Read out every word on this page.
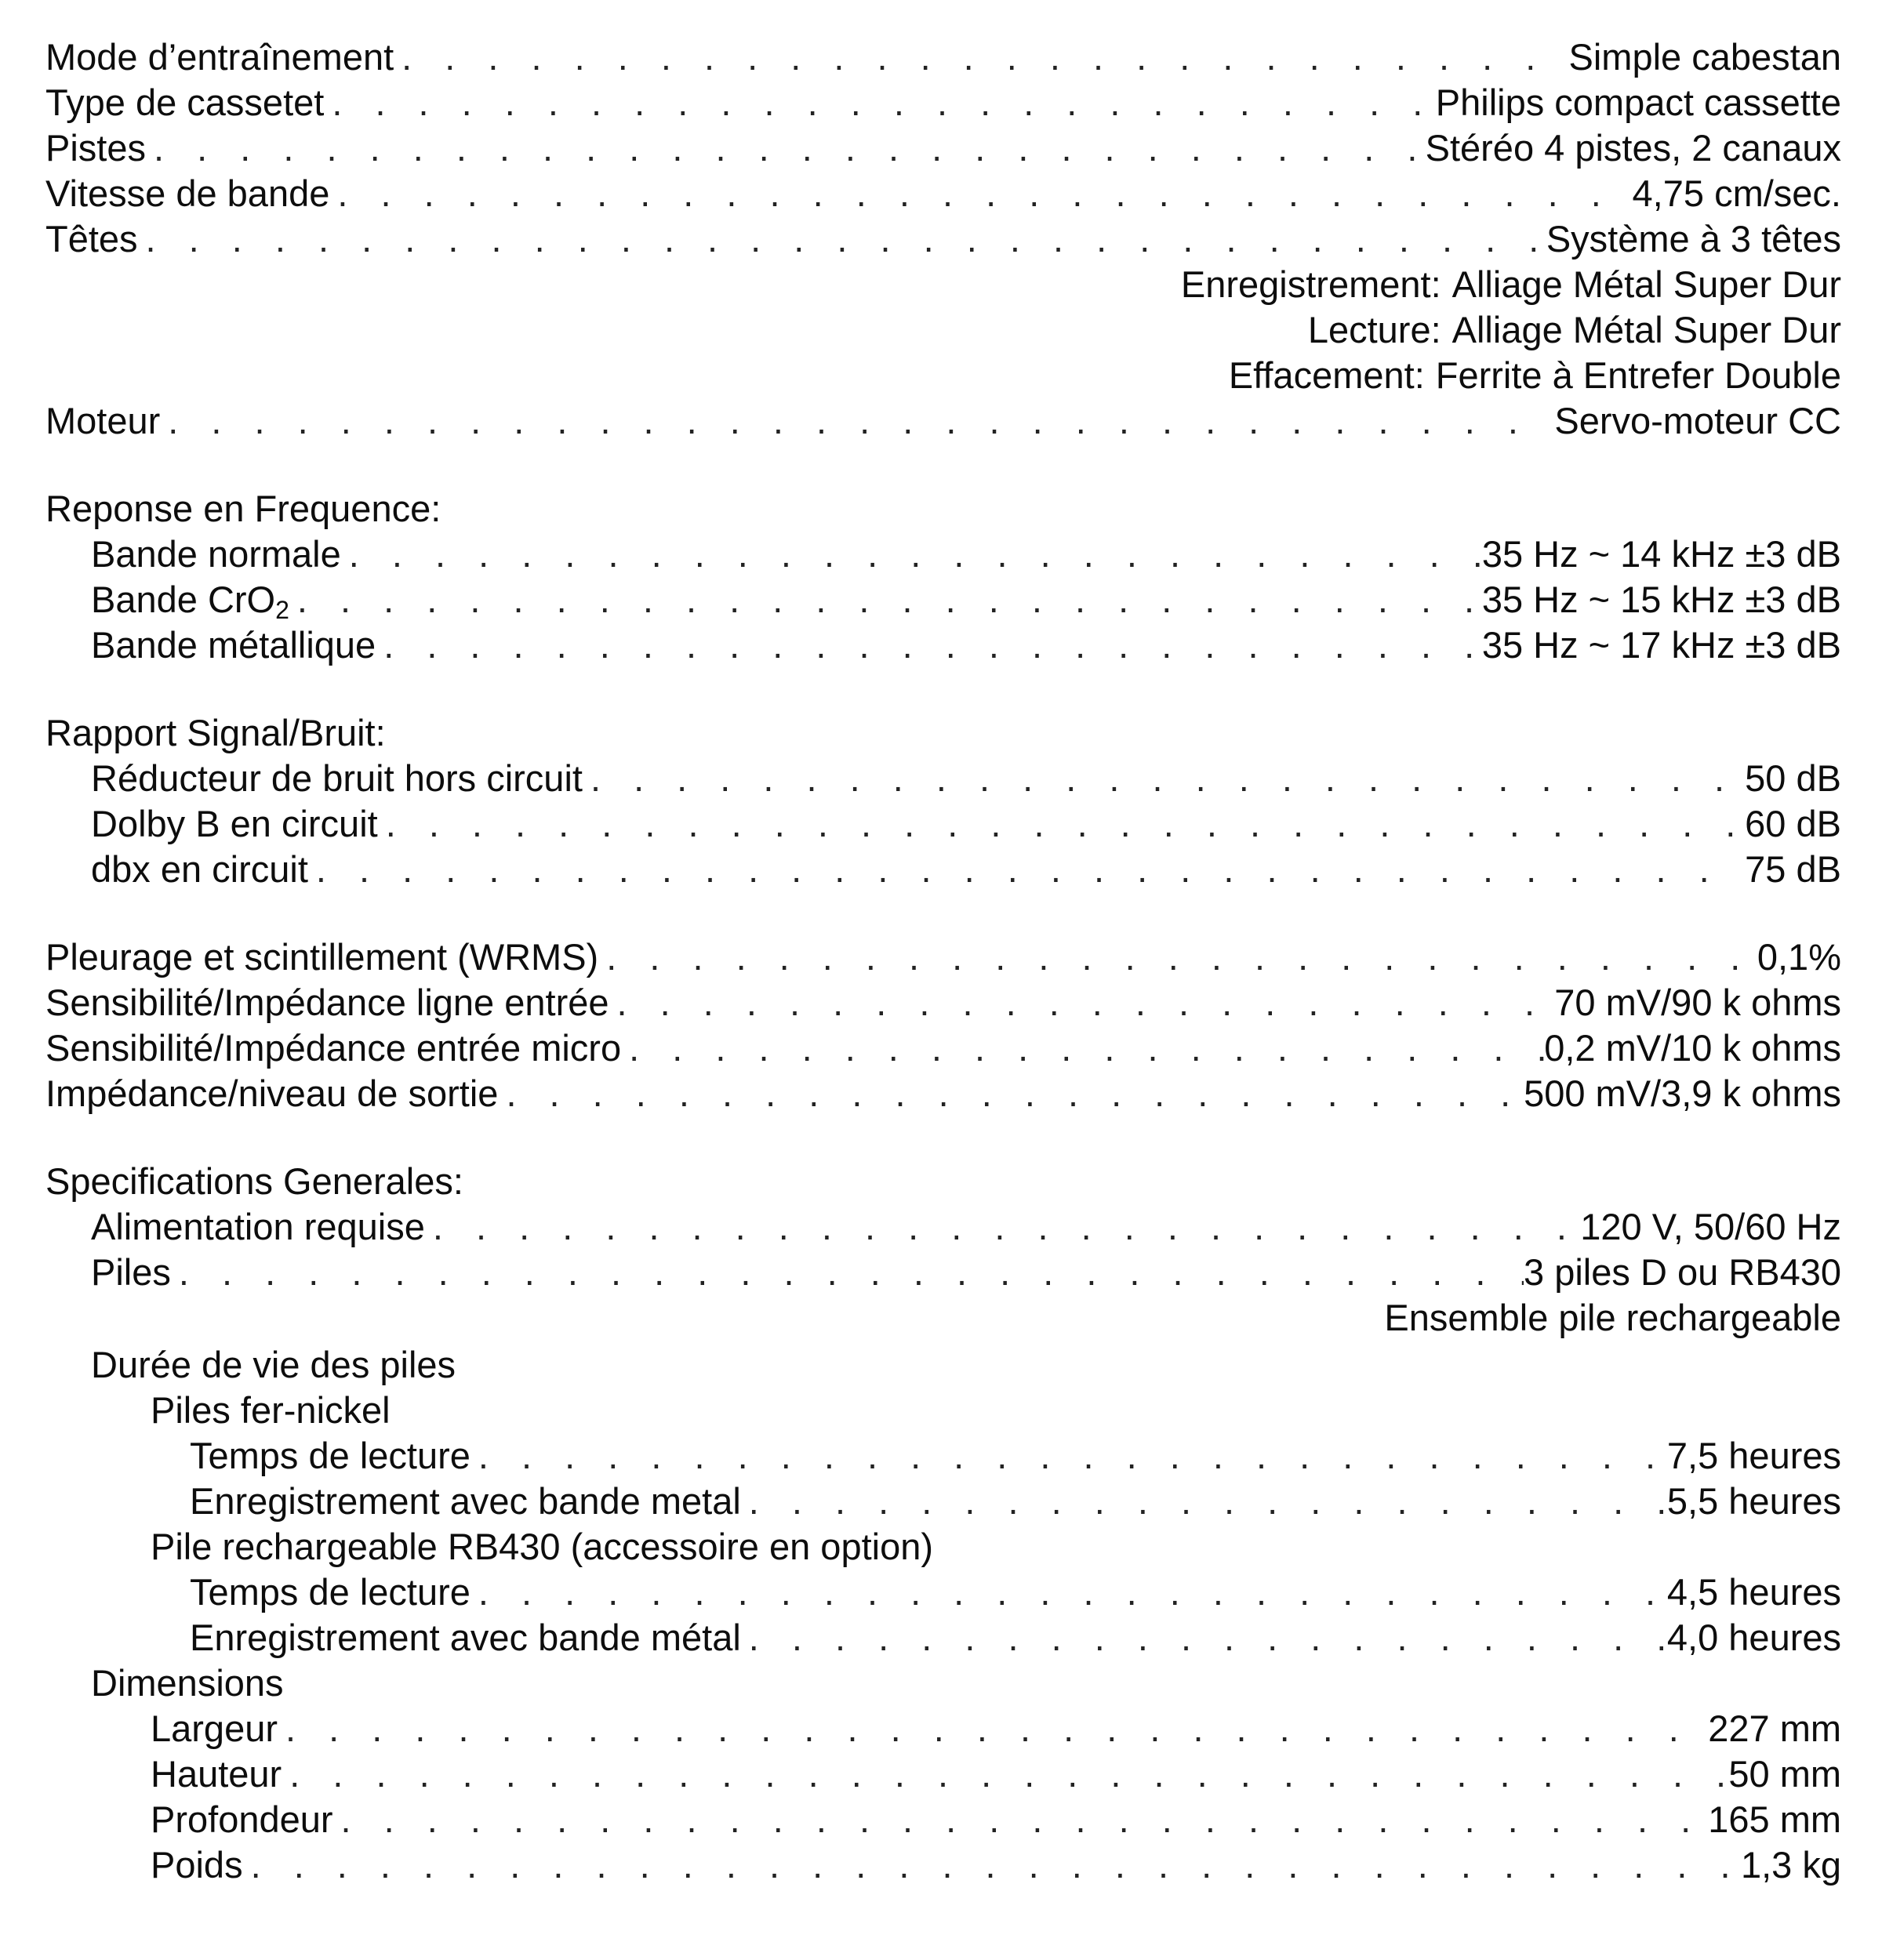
Mode d’entraînement . . .	Simple cabestan
Type de cassetet . . .	Philips compact cassette
Pistes . . .	Stéréo 4 pistes, 2 canaux
Vitesse de bande . . .	4,75 cm/sec.
Têtes . . .	Système à 3 têtes
Enregistrement: Alliage Métal Super Dur
Lecture: Alliage Métal Super Dur
Effacement: Ferrite à Entrefer Double
Moteur . . .	Servo-moteur CC
Reponse en Frequence:
Bande normale . . .	35 Hz ~ 14 kHz ±3 dB
Bande CrO$_2$ . . .	35 Hz ~ 15 kHz ±3 dB
Bande métallique . . .	35 Hz ~ 17 kHz ±3 dB
Rapport Signal/Bruit:
Réducteur de bruit hors circuit . . .	50 dB
Dolby B en circuit . . .	60 dB
dbx en circuit . . .	75 dB
Pleurage et scintillement (WRMS) . . .	0,1%
Sensibilité/Impédance ligne entrée . . .	70 mV/90 k ohms
Sensibilité/Impédance entrée micro . . .	0,2 mV/10 k ohms
Impédance/niveau de sortie . . .	500 mV/3,9 k ohms
Specifications Generales:
Alimentation requise . . .	120 V, 50/60 Hz
Piles . . .	3 piles D ou RB430
Ensemble pile rechargeable
Durée de vie des piles
Piles fer-nickel
Temps de lecture . . .	7,5 heures
Enregistrement avec bande metal . . .	5,5 heures
Pile rechargeable RB430 (accessoire en option)
Temps de lecture . . .	4,5 heures
Enregistrement avec bande métal . . .	4,0 heures
Dimensions
Largeur . . .	227 mm
Hauteur . . .	50 mm
Profondeur . . .	165 mm
Poids . . .	1,3 kg
